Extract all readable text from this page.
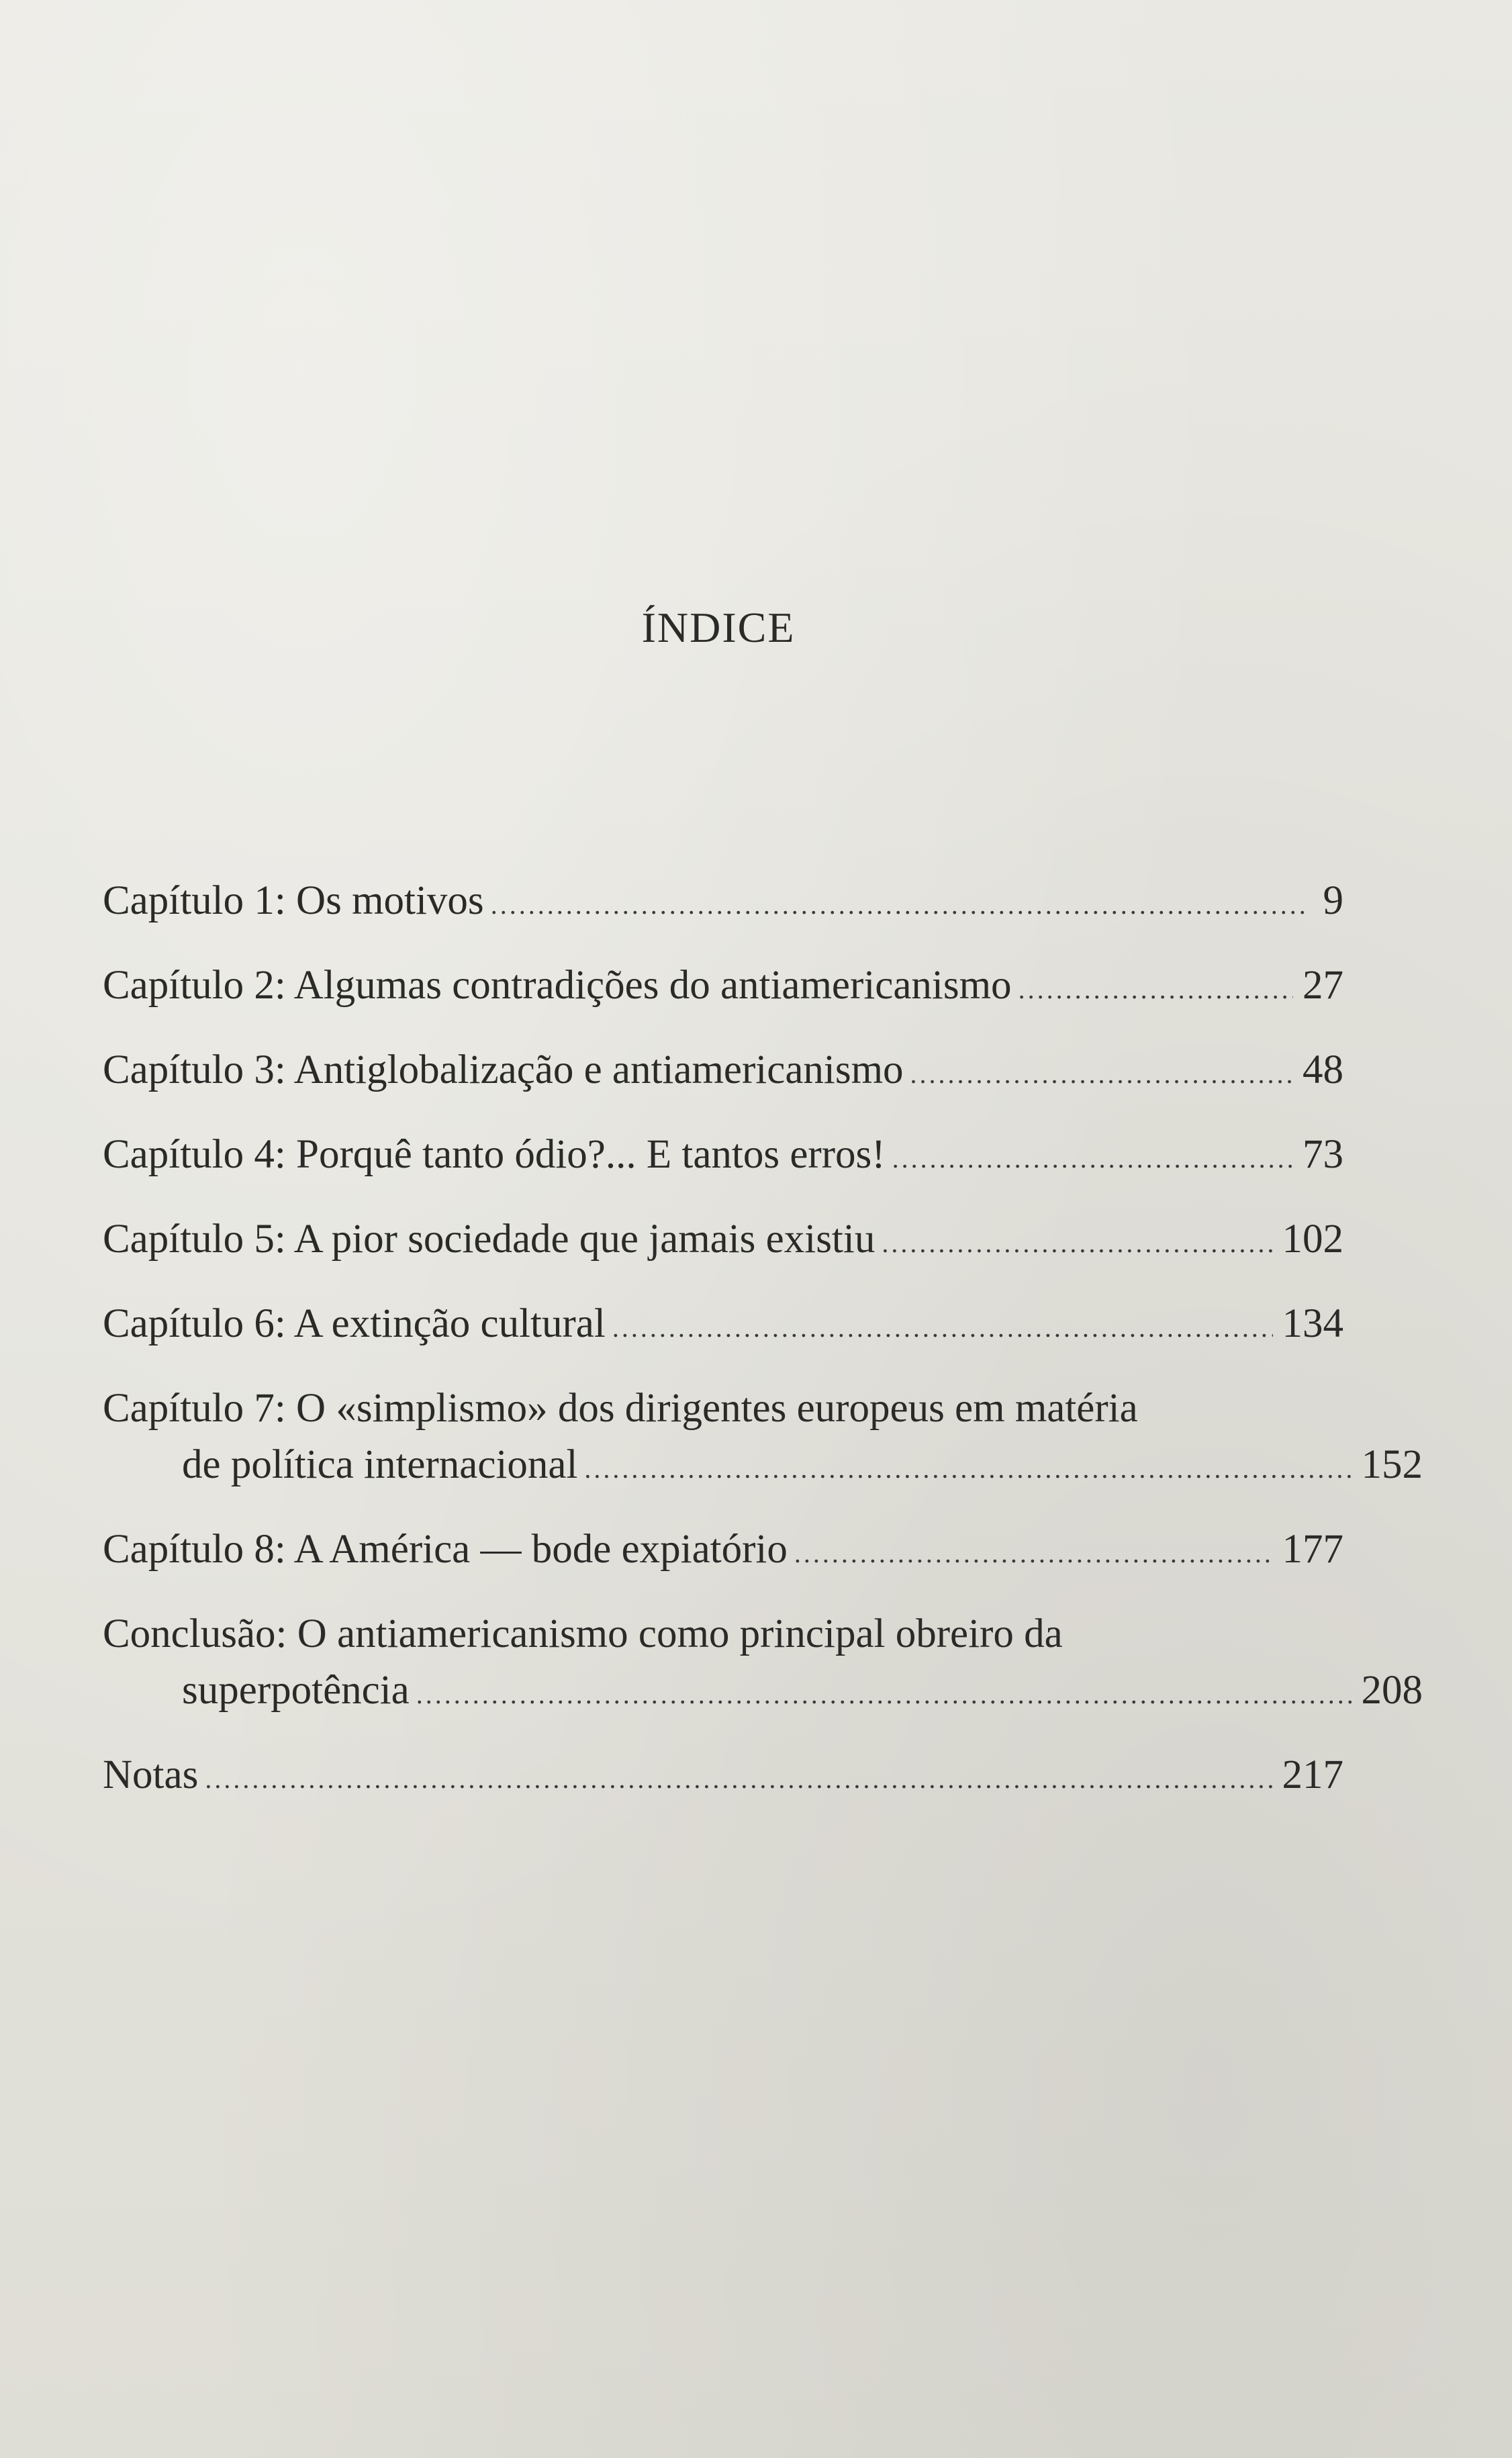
ÍNDICE
Capítulo 1: Os motivos .....	9
Capítulo 2: Algumas contradições do antiamericanismo .....	27
Capítulo 3: Antiglobalização e antiamericanismo .....	48
Capítulo 4: Porquê tanto ódio?... E tantos erros! .....	73
Capítulo 5: A pior sociedade que jamais existiu .....	102
Capítulo 6: A extinção cultural .....	134
Capítulo 7: O «simplismo» dos dirigentes europeus em matéria
de política internacional .....	152
Capítulo 8: A América — bode expiatório .....	177
Conclusão: O antiamericanismo como principal obreiro da
superpotência .....	208
Notas .....	217
